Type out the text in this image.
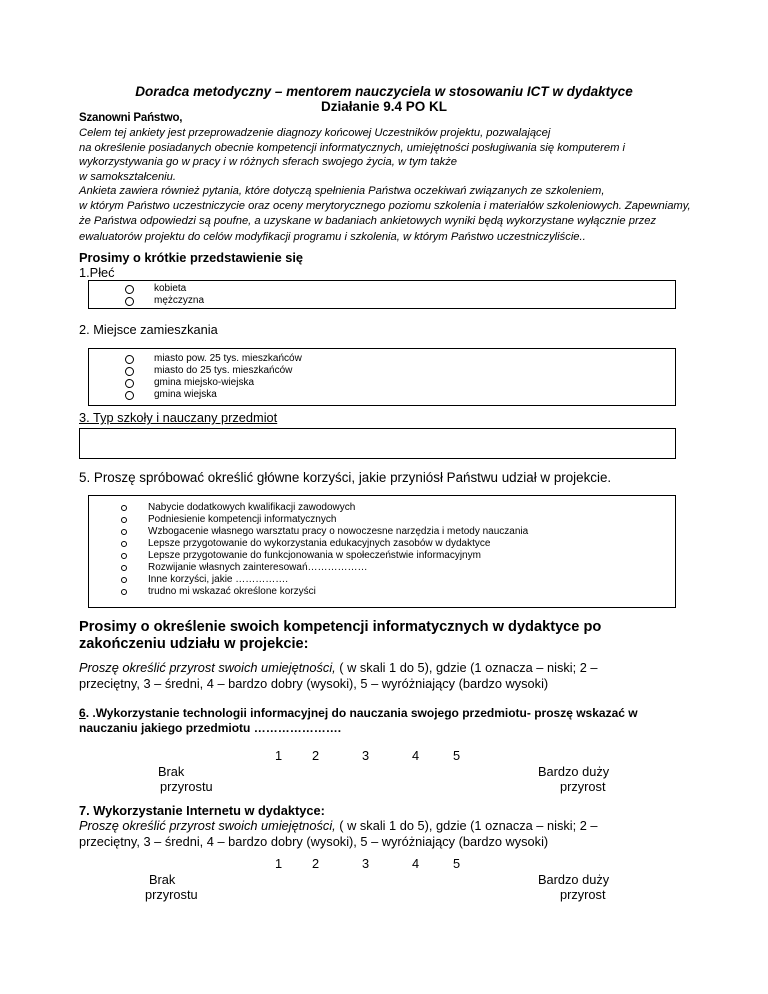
Doradca metodyczny – mentorem nauczyciela w stosowaniu ICT w dydaktyce
Działanie 9.4 PO KL
Szanowni Państwo,
Celem tej ankiety jest przeprowadzenie diagnozy końcowej Uczestników projektu, pozwalającej
na określenie posiadanych obecnie kompetencji informatycznych, umiejętności posługiwania się komputerem i
wykorzystywania go w pracy i w różnych sferach swojego życia, w tym także
w samokształceniu.
Ankieta zawiera również pytania, które dotyczą spełnienia Państwa oczekiwań związanych ze szkoleniem,
w którym Państwo uczestniczycie oraz oceny merytorycznego poziomu szkolenia i materiałów szkoleniowych. Zapewniamy,
że Państwa odpowiedzi są poufne, a uzyskane w badaniach ankietowych wyniki będą wykorzystane wyłącznie przez
ewaluatorów projektu do celów modyfikacji programu i szkolenia, w którym Państwo uczestniczyliście..
Prosimy o krótkie przedstawienie się
1.Płeć
kobieta
mężczyzna
2. Miejsce zamieszkania
miasto pow. 25 tys. mieszkańców
miasto do 25 tys. mieszkańców
gmina miejsko-wiejska
gmina wiejska
3. Typ szkoły i nauczany przedmiot
5. Proszę spróbować określić główne korzyści, jakie przyniósł Państwu udział w projekcie.
Nabycie dodatkowych kwalifikacji zawodowych
Podniesienie kompetencji informatycznych
Wzbogacenie własnego warsztatu pracy o nowoczesne narzędzia i metody nauczania
Lepsze przygotowanie do wykorzystania edukacyjnych zasobów w dydaktyce
Lepsze przygotowanie do funkcjonowania w społeczeństwie informacyjnym
Rozwijanie własnych zainteresowań………………
Inne korzyści, jakie …………….
trudno mi wskazać określone korzyści
Prosimy o określenie swoich kompetencji informatycznych w dydaktyce po
zakończeniu udziału w projekcie:
Proszę określić przyrost swoich umiejętności, ( w skali 1 do 5), gdzie (1 oznacza – niski; 2 –
przeciętny, 3 – średni, 4 – bardzo dobry (wysoki), 5 – wyróżniający (bardzo wysoki)
6. .Wykorzystanie technologii informacyjnej do nauczania swojego przedmiotu- proszę wskazać w
nauczaniu jakiego przedmiotu ………………….
1 2	3	4	5
Brak
przyrostu
Bardzo duży
przyrost
7. Wykorzystanie Internetu w dydaktyce:
Proszę określić przyrost swoich umiejętności, ( w skali 1 do 5), gdzie (1 oznacza – niski; 2 –
przeciętny, 3 – średni, 4 – bardzo dobry (wysoki), 5 – wyróżniający (bardzo wysoki)
1 2	3	4	5
Brak
przyrostu
Bardzo duży
przyrost
